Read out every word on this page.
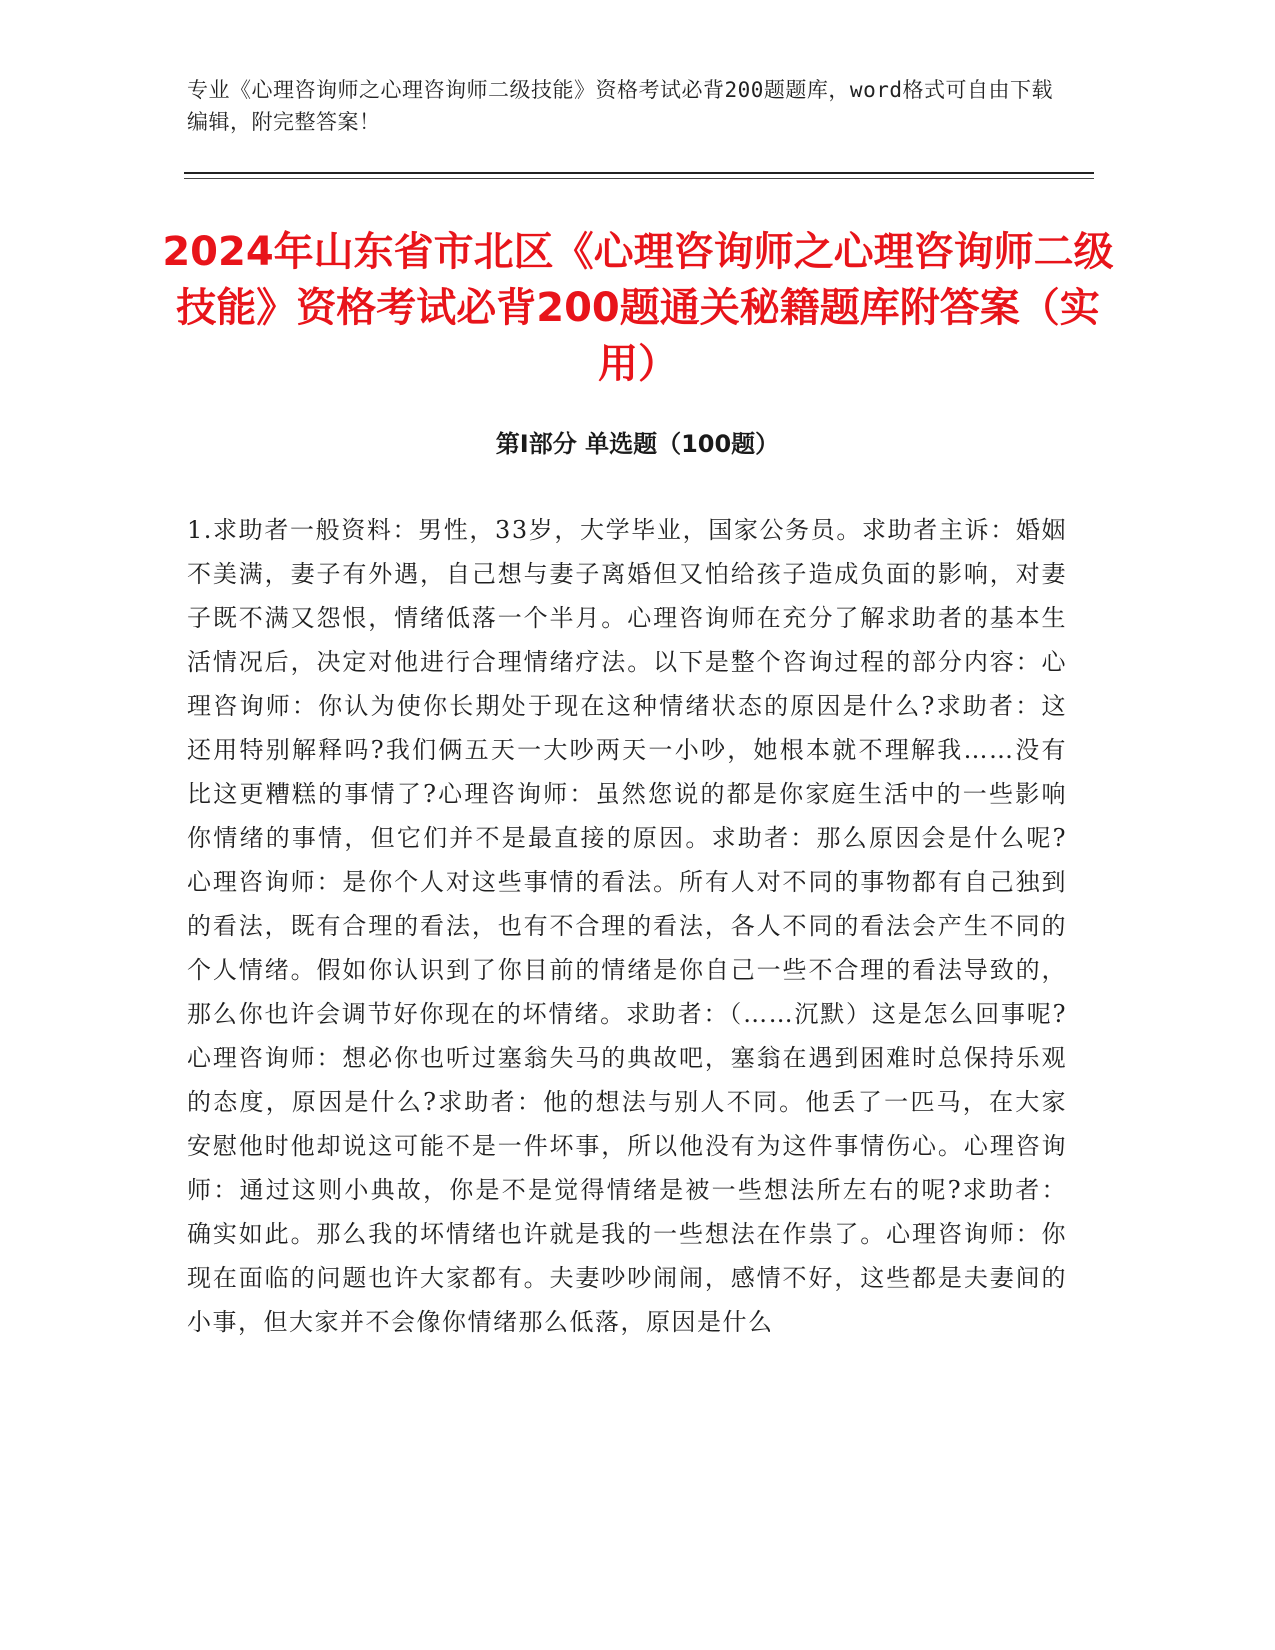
专业《心理咨询师之心理咨询师二级技能》资格考试必背200题题库，word格式可自由下载编辑，附完整答案！
2024年山东省市北区《心理咨询师之心理咨询师二级技能》资格考试必背200题通关秘籍题库附答案（实用）
第Ⅰ部分 单选题（100题）

1.求助者一般资料：男性，33岁，大学毕业，国家公务员。求助者主诉：婚姻不美满，妻子有外遇，自己想与妻子离婚但又怕给孩子造成负面的影响，对妻子既不满又怨恨，情绪低落一个半月。心理咨询师在充分了解求助者的基本生活情况后，决定对他进行合理情绪疗法。以下是整个咨询过程的部分内容：心理咨询师：你认为使你长期处于现在这种情绪状态的原因是什么?求助者：这还用特别解释吗?我们俩五天一大吵两天一小吵，她根本就不理解我……没有比这更糟糕的事情了?心理咨询师：虽然您说的都是你家庭生活中的一些影响你情绪的事情，但它们并不是最直接的原因。求助者：那么原因会是什么呢?心理咨询师：是你个人对这些事情的看法。所有人对不同的事物都有自己独到的看法，既有合理的看法，也有不合理的看法，各人不同的看法会产生不同的个人情绪。假如你认识到了你目前的情绪是你自己一些不合理的看法导致的，那么你也许会调节好你现在的坏情绪。求助者：（……沉默）这是怎么回事呢?心理咨询师：想必你也听过塞翁失马的典故吧，塞翁在遇到困难时总保持乐观的态度，原因是什么?求助者：他的想法与别人不同。他丢了一匹马，在大家安慰他时他却说这可能不是一件坏事，所以他没有为这件事情伤心。心理咨询师：通过这则小典故，你是不是觉得情绪是被一些想法所左右的呢?求助者：确实如此。那么我的坏情绪也许就是我的一些想法在作祟了。心理咨询师：你现在面临的问题也许大家都有。夫妻吵吵闹闹，感情不好，这些都是夫妻间的小事，但大家并不会像你情绪那么低落，原因是什么
